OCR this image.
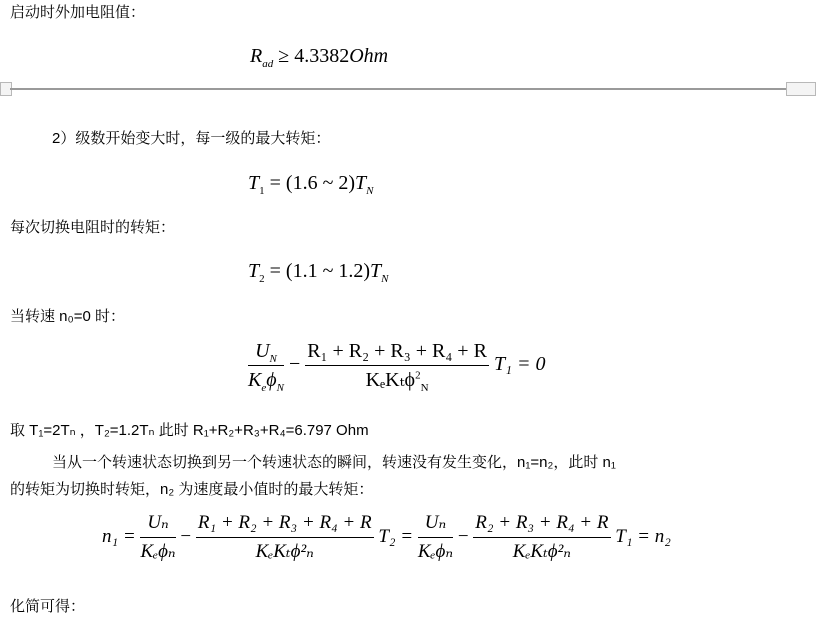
启动时外加电阻值：
$R_{ad} \ge 4.3382Ohm$
2）级数开始变大时，每一级的最大转矩：
$T_1 = (1.6$ ~ $2)T_N$
每次切换电阻时的转矩：
$T_2 = (1.1$ ~ $1.2)T_N$
当转速 n₀=0 时：
$\frac{U_N}{K_e\phi_N} - \frac{\text{R₁ + R₂ + R₃ + R₄ + R}}{K_eK_t\phi^2_N} T_1 = 0$
取 T₁=2Tₙ ，T₂=1.2Tₙ 此时 R₁+R₂+R₃+R₄=6.797 Ohm
当从一个转速状态切换到另一个转速状态的瞬间，转速没有发生变化，n₁=n₂，此时 n₁
的转矩为切换时转矩，n₂ 为速度最小值时的最大转矩：
$n_1 = \frac{\text{Uₙ}}{\text{Kₑϕₙ}} - \frac{\text{R₁ + R₂ + R₃ + R₄ + R}}{\text{KₑKₜϕ²ₙ}} T_2 = \frac{\text{Uₙ}}{\text{Kₑϕₙ}} - \frac{\text{R₂ + R₃ + R₄ + R}}{\text{KₑKₜϕ²ₙ}} T_1 = n_2$
化简可得：
